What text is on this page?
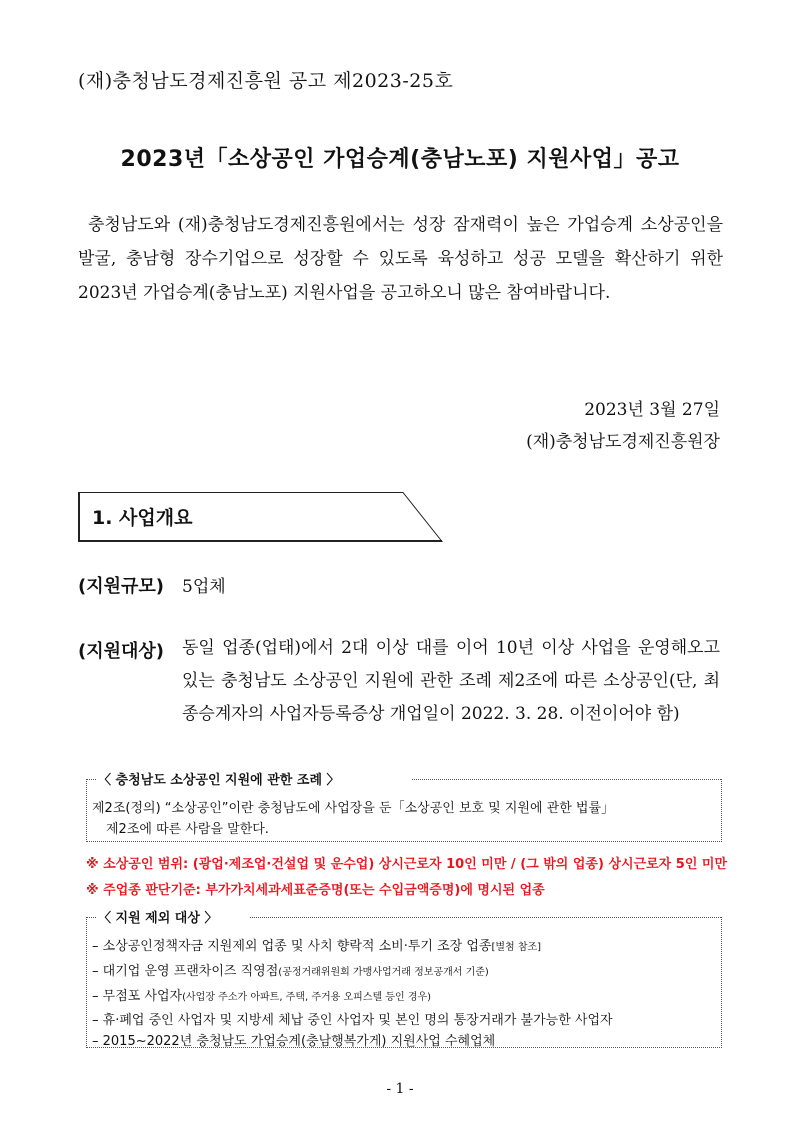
(재)충청남도경제진흥원 공고 제2023-25호
2023년「소상공인 가업승계(충남노포) 지원사업」공고
충청남도와 (재)충청남도경제진흥원에서는 성장 잠재력이 높은 가업승계 소상공인을 발굴, 충남형 장수기업으로 성장할 수 있도록 육성하고 성공 모델을 확산하기 위한 2023년 가업승계(충남노포) 지원사업을 공고하오니 많은 참여바랍니다.
2023년 3월 27일
(재)충청남도경제진흥원장
1. 사업개요
(지원규모) 5업체
(지원대상) 동일 업종(업태)에서 2대 이상 대를 이어 10년 이상 사업을 운영해오고 있는 충청남도 소상공인 지원에 관한 조례 제2조에 따른 소상공인(단, 최종승계자의 사업자등록증상 개업일이 2022. 3. 28. 이전이어야 함)
〈 충청남도 소상공인 지원에 관한 조례 〉
제2조(정의) “소상공인”이란 충청남도에 사업장을 둔「소상공인 보호 및 지원에 관한 법률」
제2조에 따른 사람을 말한다.
※ 소상공인 범위: (광업·제조업·건설업 및 운수업) 상시근로자 10인 미만 / (그 밖의 업종) 상시근로자 5인 미만
※ 주업종 판단기준: 부가가치세과세표준증명(또는 수입금액증명)에 명시된 업종
〈 지원 제외 대상 〉
– 소상공인정책자금 지원제외 업종 및 사치 향락적 소비·투기 조장 업종[별첨 참조]
– 대기업 운영 프랜차이즈 직영점(공정거래위원회 가맹사업거래 정보공개서 기준)
– 무점포 사업자(사업장 주소가 아파트, 주택, 주거용 오피스텔 등인 경우)
– 휴·폐업 중인 사업자 및 지방세 체납 중인 사업자 및 본인 명의 통장거래가 불가능한 사업자
– 2015~2022년 충청남도 가업승계(충남행복가게) 지원사업 수혜업체
- 1 -
